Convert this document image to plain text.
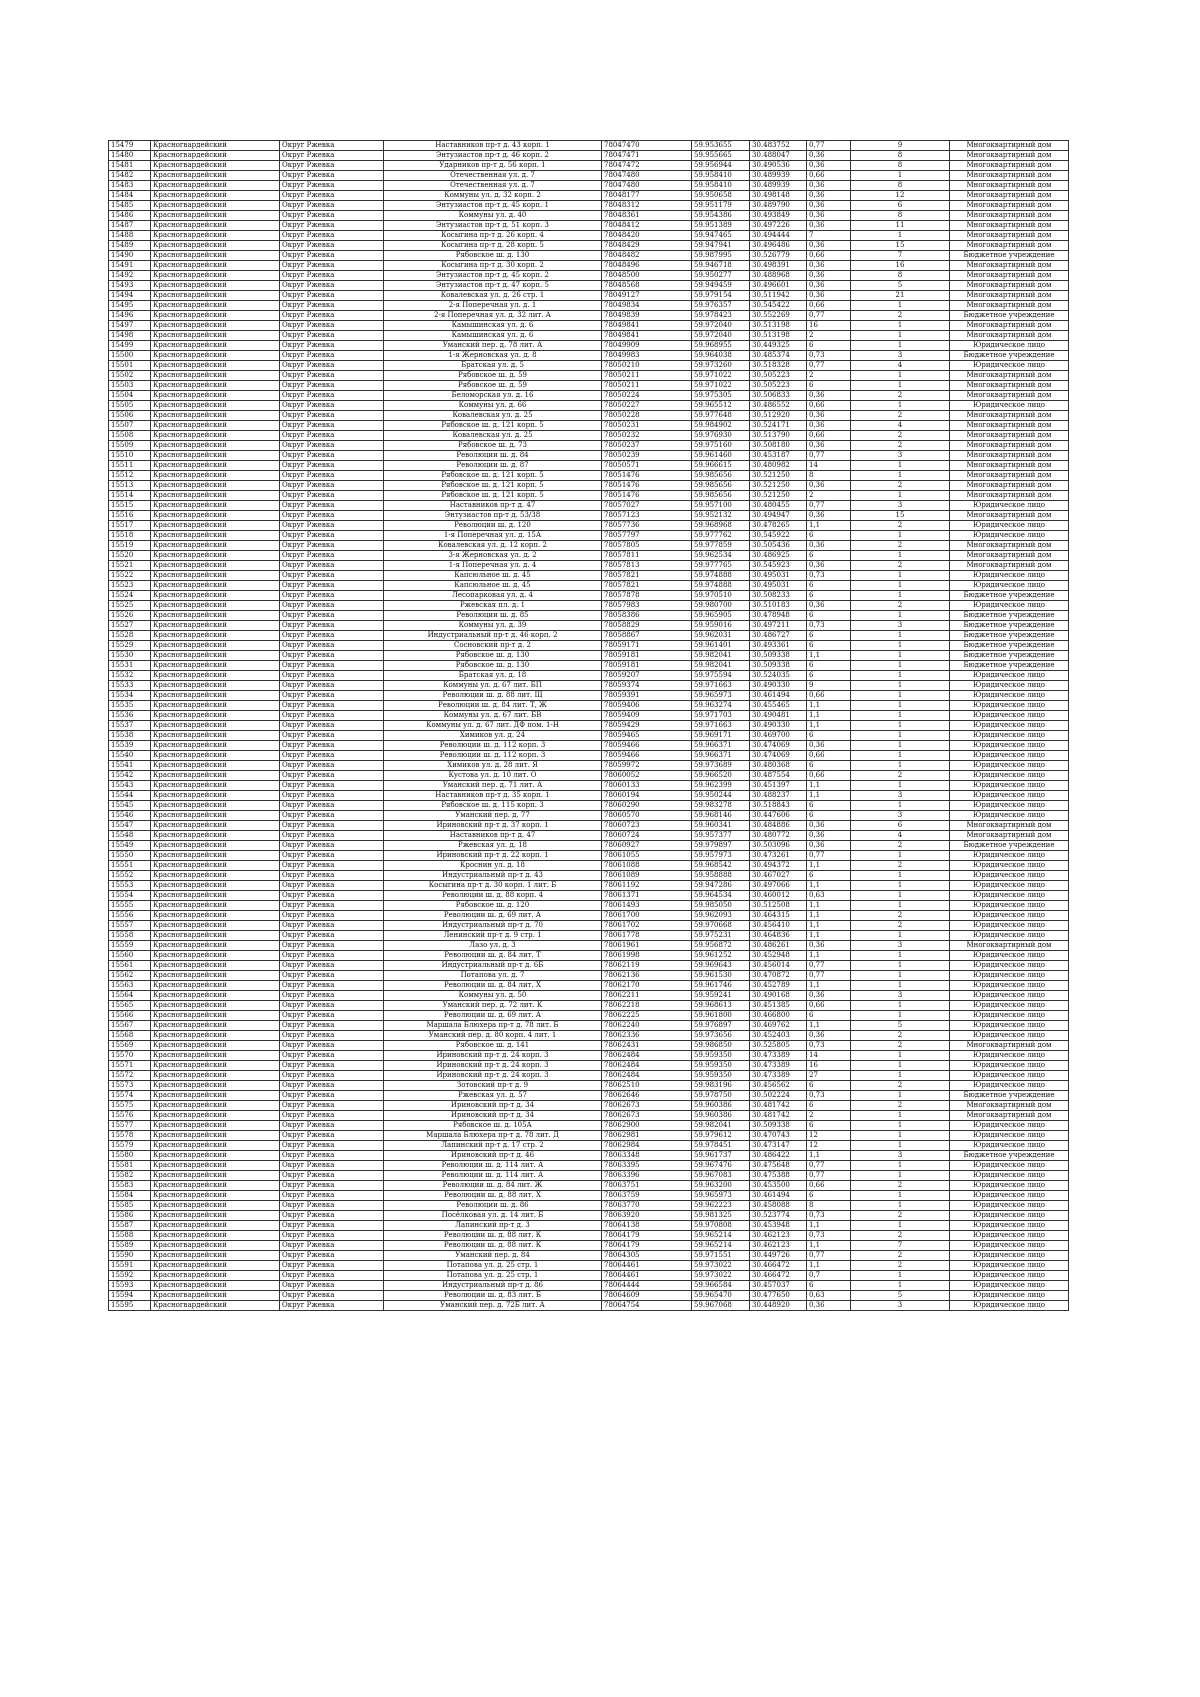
15479	Красногвардейский	Округ Ржевка	Наставников пр-т д. 43 корп. 1	78047470	59.953655	30.483752	0,77	9	Многоквартирный дом
15480	Красногвардейский	Округ Ржевка	Энтузиастов пр-т д. 46 корп. 2	78047471	59.955665	30.488047	0,36	8	Многоквартирный дом
15481	Красногвардейский	Округ Ржевка	Ударников пр-т д. 56 корп. 1	78047472	59.956944	30.490536	0,36	8	Многоквартирный дом
15482	Красногвардейский	Округ Ржевка	Отечественная ул. д. 7	78047480	59.958410	30.489939	0,66	1	Многоквартирный дом
15483	Красногвардейский	Округ Ржевка	Отечественная ул. д. 7	78047480	59.958410	30.489939	0,36	8	Многоквартирный дом
15484	Красногвардейский	Округ Ржевка	Коммуны ул. д. 32 корп. 2	78048177	59.950658	30.498148	0,36	12	Многоквартирный дом
15485	Красногвардейский	Округ Ржевка	Энтузиастов пр-т д. 45 корп. 1	78048312	59.951179	30.489790	0,36	6	Многоквартирный дом
15486	Красногвардейский	Округ Ржевка	Коммуны ул. д. 40	78048361	59.954386	30.493849	0,36	8	Многоквартирный дом
15487	Красногвардейский	Округ Ржевка	Энтузиастов пр-т д. 51 корп. 3	78048412	59.951389	30.497226	0,36	11	Многоквартирный дом
15488	Красногвардейский	Округ Ржевка	Косыгина пр-т д. 26 корп. 4	78048420	59.947465	30.494444	7	1	Многоквартирный дом
15489	Красногвардейский	Округ Ржевка	Косыгина пр-т д. 28 корп. 5	78048429	59.947941	30.496486	0,36	15	Многоквартирный дом
15490	Красногвардейский	Округ Ржевка	Рябовское ш. д. 130	78048482	59.987995	30.526779	0,66	7	Бюджетное учреждение
15491	Красногвардейский	Округ Ржевка	Косыгина пр-т д. 30 корп. 2	78048496	59.946718	30.498391	0,36	16	Многоквартирный дом
15492	Красногвардейский	Округ Ржевка	Энтузиастов пр-т д. 45 корп. 2	78048500	59.950277	30.488968	0,36	8	Многоквартирный дом
15493	Красногвардейский	Округ Ржевка	Энтузиастов пр-т д. 47 корп. 5	78048568	59.949459	30.496601	0,36	5	Многоквартирный дом
15494	Красногвардейский	Округ Ржевка	Ковалевская ул. д. 26 стр. 1	78049127	59.979154	30.511942	0,36	21	Многоквартирный дом
15495	Красногвардейский	Округ Ржевка	2-я Поперечная ул. д. 1	78049834	59.976357	30.545422	0,66	1	Многоквартирный дом
15496	Красногвардейский	Округ Ржевка	2-я Поперечная ул. д. 32 лит. А	78049839	59.978423	30.552269	0,77	2	Бюджетное учреждение
15497	Красногвардейский	Округ Ржевка	Камышинская ул. д. 6	78049841	59.972040	30.513198	16	1	Многоквартирный дом
15498	Красногвардейский	Округ Ржевка	Камышинская ул. д. 6	78049841	59.972040	30.513198	2	1	Многоквартирный дом
15499	Красногвардейский	Округ Ржевка	Уманский пер. д. 78 лит. А	78049909	59.968955	30.449325	6	1	Юридическое лицо
15500	Красногвардейский	Округ Ржевка	1-я Жерновская ул. д. 8	78049983	59.964038	30.485374	0,73	3	Бюджетное учреждение
15501	Красногвардейский	Округ Ржевка	Братская ул. д. 5	78050210	59.973260	30.518328	0,77	4	Юридическое лицо
15502	Красногвардейский	Округ Ржевка	Рябовское ш. д. 59	78050211	59.971022	30.505223	2	1	Многоквартирный дом
15503	Красногвардейский	Округ Ржевка	Рябовское ш. д. 59	78050211	59.971022	30.505223	6	1	Многоквартирный дом
15504	Красногвардейский	Округ Ржевка	Беломорская ул. д. 16	78050224	59.975305	30.506833	0,36	2	Многоквартирный дом
15505	Красногвардейский	Округ Ржевка	Коммуны ул. д. 66	78050227	59.965512	30.486552	0,66	1	Юридическое лицо
15506	Красногвардейский	Округ Ржевка	Ковалевская ул. д. 25	78050228	59.977648	30.512920	0,36	2	Многоквартирный дом
15507	Красногвардейский	Округ Ржевка	Рябовское ш. д. 121 корп. 5	78050231	59.984902	30.524171	0,36	4	Многоквартирный дом
15508	Красногвардейский	Округ Ржевка	Ковалевская ул. д. 25	78050232	59.976930	30.513790	0,66	2	Многоквартирный дом
15509	Красногвардейский	Округ Ржевка	Рябовское ш. д. 73	78050237	59.975160	30.508180	0,36	2	Многоквартирный дом
15510	Красногвардейский	Округ Ржевка	Революции ш. д. 84	78050239	59.961460	30.453187	0,77	3	Многоквартирный дом
15511	Красногвардейский	Округ Ржевка	Революции ш. д. 87	78050571	59.966615	30.480982	14	1	Многоквартирный дом
15512	Красногвардейский	Округ Ржевка	Рябовское ш. д. 121 корп. 5	78051476	59.985656	30.521250	8	1	Многоквартирный дом
15513	Красногвардейский	Округ Ржевка	Рябовское ш. д. 121 корп. 5	78051476	59.985656	30.521250	0,36	2	Многоквартирный дом
15514	Красногвардейский	Округ Ржевка	Рябовское ш. д. 121 корп. 5	78051476	59.985656	30.521250	2	1	Многоквартирный дом
15515	Красногвардейский	Округ Ржевка	Наставников пр-т д. 47	78057027	59.957100	30.480455	0,77	3	Юридическое лицо
15516	Красногвардейский	Округ Ржевка	Энтузиастов пр-т д. 53/38	78057123	59.952132	30.494947	0,36	15	Многоквартирный дом
15517	Красногвардейский	Округ Ржевка	Революции ш. д. 120	78057736	59.968968	30.478265	1,1	2	Юридическое лицо
15518	Красногвардейский	Округ Ржевка	1-я Поперечная ул. д. 15А	78057797	59.977762	30.545922	6	1	Юридическое лицо
15519	Красногвардейский	Округ Ржевка	Ковалевская ул. д. 12 корп. 2	78057805	59.977859	30.505436	0,36	2	Многоквартирный дом
15520	Красногвардейский	Округ Ржевка	3-я Жерновская ул. д. 2	78057811	59.962534	30.486925	6	1	Многоквартирный дом
15521	Красногвардейский	Округ Ржевка	1-я Поперечная ул. д. 4	78057813	59.977765	30.545923	0,36	2	Многоквартирный дом
15522	Красногвардейский	Округ Ржевка	Капсюльное ш. д. 45	78057821	59.974888	30.495031	0,73	1	Юридическое лицо
15523	Красногвардейский	Округ Ржевка	Капсюльное ш. д. 45	78057821	59.974888	30.495031	6	1	Юридическое лицо
15524	Красногвардейский	Округ Ржевка	Лесопарковая ул. д. 4	78057878	59.970510	30.508233	6	1	Бюджетное учреждение
15525	Красногвардейский	Округ Ржевка	Ржевская пл. д. 1	78057983	59.980700	30.510183	0,36	2	Юридическое лицо
15526	Красногвардейский	Округ Ржевка	Революции ш. д. 85	78058386	59.965905	30.478948	6	1	Бюджетное учреждение
15527	Красногвардейский	Округ Ржевка	Коммуны ул. д. 39	78058829	59.959016	30.497211	0,73	3	Бюджетное учреждение
15528	Красногвардейский	Округ Ржевка	Индустриальный пр-т д. 46 корп. 2	78058867	59.962031	30.486727	6	1	Бюджетное учреждение
15529	Красногвардейский	Округ Ржевка	Сосновский пр-т д. 2	78059171	59.961401	30.493361	6	1	Бюджетное учреждение
15530	Красногвардейский	Округ Ржевка	Рябовское ш. д. 130	78059181	59.982041	30.509338	1,1	1	Бюджетное учреждение
15531	Красногвардейский	Округ Ржевка	Рябовское ш. д. 130	78059181	59.982041	30.509338	6	1	Бюджетное учреждение
15532	Красногвардейский	Округ Ржевка	Братская ул. д. 18	78059207	59.975594	30.524035	6	1	Юридическое лицо
15533	Красногвардейский	Округ Ржевка	Коммуны ул. д. 67 лит. БП	78059374	59.971663	30.490330	9	1	Юридическое лицо
15534	Красногвардейский	Округ Ржевка	Революции ш. д. 88 лит. Щ	78059391	59.965973	30.461494	0,66	1	Юридическое лицо
15535	Красногвардейский	Округ Ржевка	Революции ш. д. 84 лит. Т, Ж	78059406	59.963274	30.455465	1,1	1	Юридическое лицо
15536	Красногвардейский	Округ Ржевка	Коммуны ул. д. 67 лит. БВ	78059409	59.971703	30.490481	1,1	1	Юридическое лицо
15537	Красногвардейский	Округ Ржевка	Коммуны ул. д. 67 лит. ДФ пом. 1-Н	78059429	59.971663	30.490330	1,1	1	Юридическое лицо
15538	Красногвардейский	Округ Ржевка	Химиков ул. д. 24	78059465	59.969171	30.469700	6	1	Юридическое лицо
15539	Красногвардейский	Округ Ржевка	Революции ш. д. 112 корп. 3	78059466	59.966371	30.474069	0,36	1	Юридическое лицо
15540	Красногвардейский	Округ Ржевка	Революции ш. д. 112 корп. 3	78059466	59.966371	30.474069	0,66	1	Юридическое лицо
15541	Красногвардейский	Округ Ржевка	Химиков ул. д. 28 лит. Я	78059972	59.973689	30.480368	6	1	Юридическое лицо
15542	Красногвардейский	Округ Ржевка	Кустова ул. д. 10 лит. О	78060052	59.966520	30.487554	0,66	2	Юридическое лицо
15543	Красногвардейский	Округ Ржевка	Уманский пер. д. 71 лит. А	78060133	59.962399	30.451397	1,1	1	Юридическое лицо
15544	Красногвардейский	Округ Ржевка	Наставников пр-т д. 35 корп. 1	78060194	59.950244	30.488237	1,1	3	Юридическое лицо
15545	Красногвардейский	Округ Ржевка	Рябовское ш. д. 115 корп. 3	78060290	59.983278	30.518843	6	1	Юридическое лицо
15546	Красногвардейский	Округ Ржевка	Уманский пер. д. 77	78060570	59.968146	30.447606	6	3	Юридическое лицо
15547	Красногвардейский	Округ Ржевка	Ириновский пр-т д. 37 корп. 1	78060723	59.960341	30.484886	0,36	6	Многоквартирный дом
15548	Красногвардейский	Округ Ржевка	Наставников пр-т д. 47	78060724	59.957377	30.480772	0,36	4	Многоквартирный дом
15549	Красногвардейский	Округ Ржевка	Ржевская ул. д. 18	78060927	59.979897	30.503096	0,36	2	Бюджетное учреждение
15550	Красногвардейский	Округ Ржевка	Ириновский пр-т д. 22 корп. 1	78061055	59.957973	30.473261	0,77	1	Юридическое лицо
15551	Красногвардейский	Округ Ржевка	Кроснин ул. д. 18	78061088	59.968542	30.494372	1,1	2	Юридическое лицо
15552	Красногвардейский	Округ Ржевка	Индустриальный пр-т д. 43	78061089	59.958888	30.467027	6	1	Юридическое лицо
15553	Красногвардейский	Округ Ржевка	Косыгина пр-т д. 30 корп. 1 лит. Б	78061192	59.947286	30.497066	1,1	1	Юридическое лицо
15554	Красногвардейский	Округ Ржевка	Революции ш. д. 88 корп. 4	78061371	59.964534	30.460012	0,63	1	Юридическое лицо
15555	Красногвардейский	Округ Ржевка	Рябовское ш. д. 120	78061493	59.985050	30.512508	1,1	1	Юридическое лицо
15556	Красногвардейский	Округ Ржевка	Революции ш. д. 69 лит. А	78061700	59.962093	30.464315	1,1	2	Юридическое лицо
15557	Красногвардейский	Округ Ржевка	Индустриальный пр-т д. 70	78061702	59.970668	30.456410	1,1	2	Юридическое лицо
15558	Красногвардейский	Округ Ржевка	Ленинский пр-т д. 9 стр. 1	78061778	59.975231	30.464836	1,1	1	Юридическое лицо
15559	Красногвардейский	Округ Ржевка	Лазо ул. д. 3	78061961	59.956872	30.486261	0,36	3	Многоквартирный дом
15560	Красногвардейский	Округ Ржевка	Революции ш. д. 84 лит. Т	78061998	59.961252	30.452948	1,1	1	Юридическое лицо
15561	Красногвардейский	Округ Ржевка	Индустриальный пр-т д. 6Б	78062119	59.969643	30.456014	0,77	1	Юридическое лицо
15562	Красногвардейский	Округ Ржевка	Потапова ул. д. 7	78062136	59.961530	30.470872	0,77	1	Юридическое лицо
15563	Красногвардейский	Округ Ржевка	Революции ш. д. 84 лит. Х	78062170	59.961746	30.452789	1,1	1	Юридическое лицо
15564	Красногвардейский	Округ Ржевка	Коммуны ул. д. 50	78062211	59.959241	30.490168	0,36	3	Юридическое лицо
15565	Красногвардейский	Округ Ржевка	Уманский пер. д. 72 лит. К	78062218	59.968613	30.451385	0,66	1	Юридическое лицо
15566	Красногвардейский	Округ Ржевка	Революции ш. д. 69 лит. А	78062225	59.961800	30.466800	6	1	Юридическое лицо
15567	Красногвардейский	Округ Ржевка	Маршала Блюхера пр-т д. 78 лит. Б	78062240	59.976897	30.469762	1,1	5	Юридическое лицо
15568	Красногвардейский	Округ Ржевка	Уманский пер. д. 80 корп. 4 лит. 1	78062336	59.973656	30.452403	0,36	2	Юридическое лицо
15569	Красногвардейский	Округ Ржевка	Рябовское ш. д. 141	78062431	59.986850	30.525805	0,73	2	Многоквартирный дом
15570	Красногвардейский	Округ Ржевка	Ириновский пр-т д. 24 корп. 3	78062484	59.959350	30.473389	14	1	Юридическое лицо
15571	Красногвардейский	Округ Ржевка	Ириновский пр-т д. 24 корп. 3	78062484	59.959350	30.473389	16	1	Юридическое лицо
15572	Красногвардейский	Округ Ржевка	Ириновский пр-т д. 24 корп. 3	78062484	59.959350	30.473389	27	1	Юридическое лицо
15573	Красногвардейский	Округ Ржевка	Зотовский пр-т д. 9	78062510	59.983196	30.456562	6	2	Юридическое лицо
15574	Красногвардейский	Округ Ржевка	Ржевская ул. д. 57	78062646	59.978750	30.502224	0,73	1	Бюджетное учреждение
15575	Красногвардейский	Округ Ржевка	Ириновский пр-т д. 34	78062673	59.960386	30.481742	6	2	Многоквартирный дом
15576	Красногвардейский	Округ Ржевка	Ириновский пр-т д. 34	78062673	59.960386	30.481742	2	1	Многоквартирный дом
15577	Красногвардейский	Округ Ржевка	Рябовское ш. д. 105А	78062900	59.982041	30.509338	6	1	Юридическое лицо
15578	Красногвардейский	Округ Ржевка	Маршала Блюхера пр-т д. 78 лит. Д	78062981	59.979612	30.470743	12	1	Юридическое лицо
15579	Красногвардейский	Округ Ржевка	Лапинский пр-т д. 17 стр. 2	78062984	59.978451	30.473147	12	1	Юридическое лицо
15580	Красногвардейский	Округ Ржевка	Ириновский пр-т д. 46	78063348	59.961737	30.486422	1,1	3	Бюджетное учреждение
15581	Красногвардейский	Округ Ржевка	Революции ш. д. 114 лит. А	78063395	59.967476	30.475648	0,77	1	Юридическое лицо
15582	Красногвардейский	Округ Ржевка	Революции ш. д. 114 лит. А	78063396	59.967083	30.475388	0,77	1	Юридическое лицо
15583	Красногвардейский	Округ Ржевка	Революции ш. д. 84 лит. Ж	78063751	59.963200	30.453500	0,66	2	Юридическое лицо
15584	Красногвардейский	Округ Ржевка	Революции ш. д. 88 лит. Х	78063759	59.965973	30.461494	6	1	Юридическое лицо
15585	Красногвардейский	Округ Ржевка	Революции ш. д. 86	78063770	59.962223	30.458088	8	1	Юридическое лицо
15586	Красногвардейский	Округ Ржевка	Посёлковая ул. д. 14 лит. Б	78063920	59.981325	30.523774	0,73	2	Юридическое лицо
15587	Красногвардейский	Округ Ржевка	Лапинский пр-т д. 3	78064138	59.970808	30.453948	1,1	1	Юридическое лицо
15588	Красногвардейский	Округ Ржевка	Революции ш. д. 88 лит. К	78064179	59.965214	30.462123	0,73	2	Юридическое лицо
15589	Красногвардейский	Округ Ржевка	Революции ш. д. 88 лит. К	78064179	59.965214	30.462123	1,1	7	Юридическое лицо
15590	Красногвардейский	Округ Ржевка	Уманский пер. д. 84	78064305	59.971551	30.449726	0,77	2	Юридическое лицо
15591	Красногвардейский	Округ Ржевка	Потапова ул. д. 25 стр. 1	78064461	59.973022	30.466472	1,1	2	Юридическое лицо
15592	Красногвардейский	Округ Ржевка	Потапова ул. д. 25 стр. 1	78064461	59.973022	30.466472	0,7	1	Юридическое лицо
15593	Красногвардейский	Округ Ржевка	Индустриальный пр-т д. 86	78064444	59.966584	30.457037	6	1	Юридическое лицо
15594	Красногвардейский	Округ Ржевка	Революции ш. д. 83 лит. Б	78064609	59.965470	30.477650	0,63	5	Юридическое лицо
15595	Красногвардейский	Округ Ржевка	Уманский пер. д. 72Б лит. А	78064754	59.967068	30.448920	0,36	3	Юридическое лицо
